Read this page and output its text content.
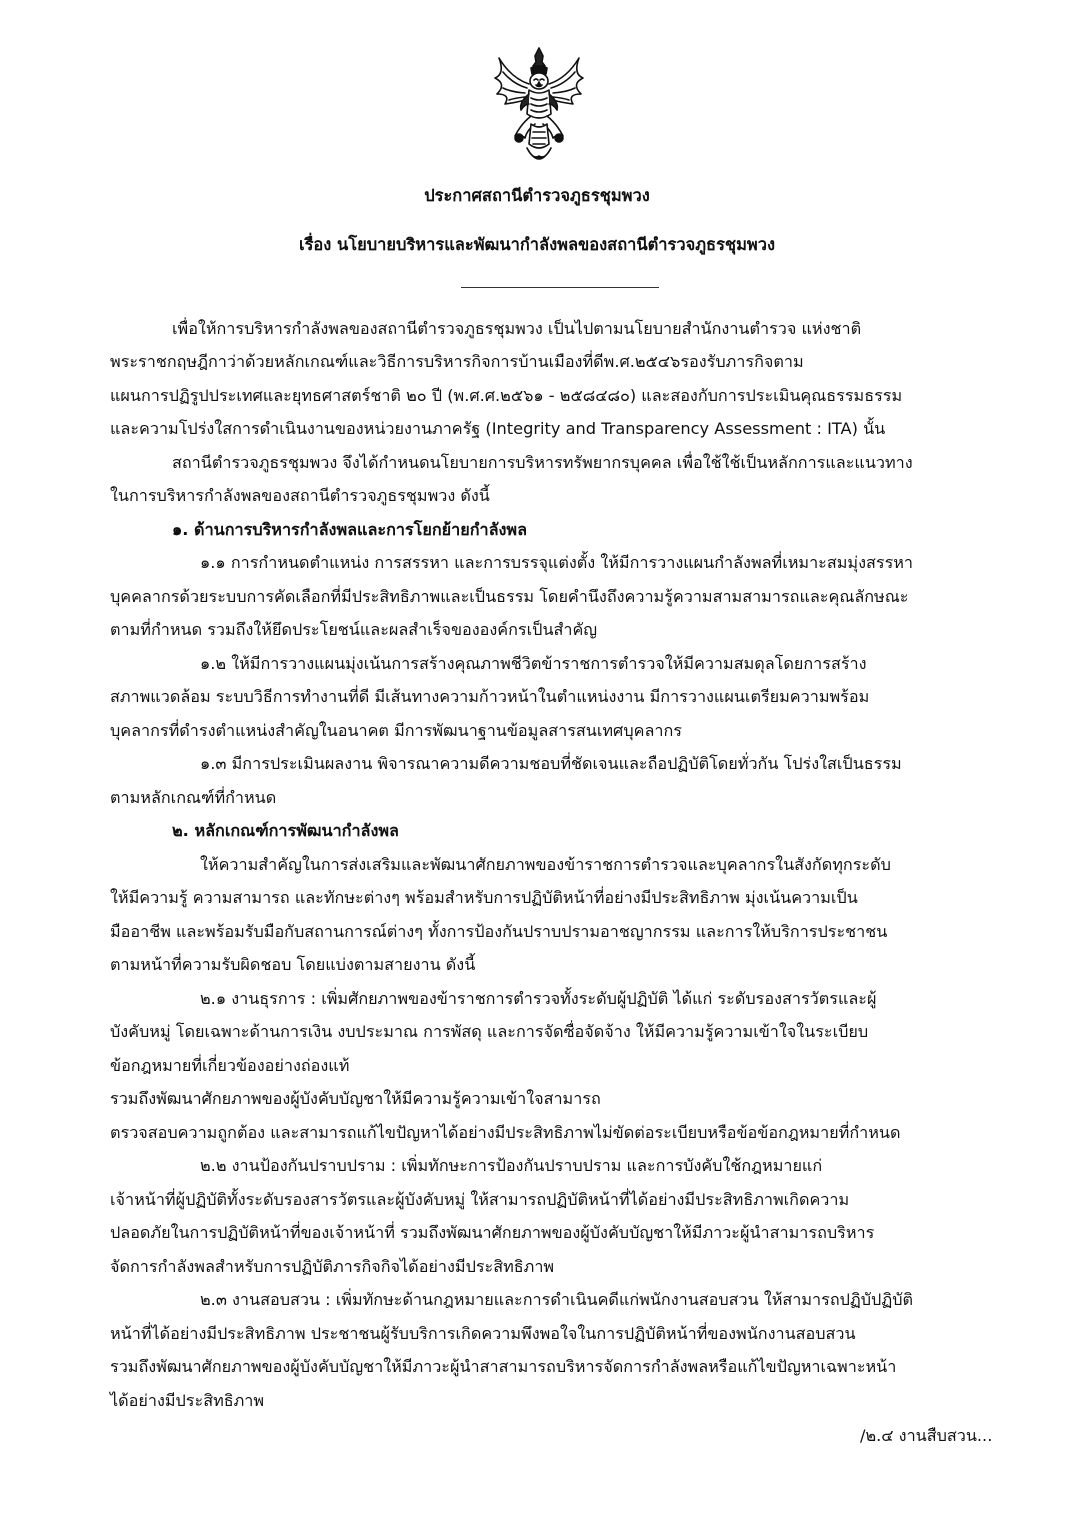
ประกาศสถานีตำรวจภูธรชุมพวง
เรื่อง นโยบายบริหารและพัฒนากำลังพลของสถานีตำรวจภูธรชุมพวง
เพื่อให้การบริหารกำลังพลของสถานีตำรวจภูธรชุมพวง เป็นไปตามนโยบายสำนักงานตำรวจ แห่งชาติ
พระราชกฤษฎีกาว่าด้วยหลักเกณฑ์และวิธีการบริหารกิจการบ้านเมืองที่ดีพ.ศ.๒๕๔๖รองรับภารกิจตาม
แผนการปฏิรูปประเทศและยุทธศาสตร์ชาติ ๒๐ ปี (พ.ศ.ศ.๒๕๖๑ - ๒๕๘๔๘๐) และสองกับการประเมินคุณธรรมธรรม
และความโปร่งใสการดำเนินงานของหน่วยงานภาครัฐ (Integrity and Transparency Assessment : ITA) นั้น
สถานีตำรวจภูธรชุมพวง จึงได้กำหนดนโยบายการบริหารทรัพยากรบุคคล เพื่อใช้ใช้เป็นหลักการและแนวทาง
ในการบริหารกำลังพลของสถานีตำรวจภูธรชุมพวง ดังนี้
๑. ด้านการบริหารกำลังพลและการโยกย้ายกำลังพล
๑.๑ การกำหนดตำแหน่ง การสรรหา และการบรรจุแต่งตั้ง ให้มีการวางแผนกำลังพลที่เหมาะสมมุ่งสรรหา
บุคคลากรด้วยระบบการคัดเลือกที่มีประสิทธิภาพและเป็นธรรม โดยคำนึงถึงความรู้ความสามสามารถและคุณลักษณะ
ตามที่กำหนด รวมถึงให้ยึดประโยชน์และผลสำเร็จขององค์กรเป็นสำคัญ
๑.๒ ให้มีการวางแผนมุ่งเน้นการสร้างคุณภาพชีวิตข้าราชการตำรวจให้มีความสมดุลโดยการสร้าง
สภาพแวดล้อม ระบบวิธีการทำงานที่ดี มีเส้นทางความก้าวหน้าในตำแหน่งงาน มีการวางแผนเตรียมความพร้อม
บุคลากรที่ดำรงตำแหน่งสำคัญในอนาคต มีการพัฒนาฐานข้อมูลสารสนเทศบุคลากร
๑.๓ มีการประเมินผลงาน พิจารณาความดีความชอบที่ชัดเจนและถือปฏิบัติโดยทั่วกัน โปร่งใสเป็นธรรม
ตามหลักเกณฑ์ที่กำหนด
๒. หลักเกณฑ์การพัฒนากำลังพล
ให้ความสำคัญในการส่งเสริมและพัฒนาศักยภาพของข้าราชการตำรวจและบุคลากรในสังกัดทุกระดับ
ให้มีความรู้ ความสามารถ และทักษะต่างๆ พร้อมสำหรับการปฏิบัติหน้าที่อย่างมีประสิทธิภาพ มุ่งเน้นความเป็น
มืออาชีพ และพร้อมรับมือกับสถานการณ์ต่างๆ ทั้งการป้องกันปราบปรามอาชญากรรม และการให้บริการประชาชน
ตามหน้าที่ความรับผิดชอบ โดยแบ่งตามสายงาน ดังนี้
๒.๑ งานธุรการ : เพิ่มศักยภาพของข้าราชการตำรวจทั้งระดับผู้ปฏิบัติ ได้แก่ ระดับรองสารวัตรและผู้
บังคับหมู่ โดยเฉพาะด้านการเงิน งบประมาณ การพัสดุ และการจัดซื่อจัดจ้าง ให้มีความรู้ความเข้าใจในระเบียบ
ข้อกฎหมายที่เกี่ยวข้องอย่างถ่องแท้
รวมถึงพัฒนาศักยภาพของผู้บังคับบัญชาให้มีความรู้ความเข้าใจสามารถ
ตรวจสอบความถูกต้อง และสามารถแก้ไขปัญหาได้อย่างมีประสิทธิภาพไม่ขัดต่อระเบียบหรือข้อข้อกฎหมายที่กำหนด
๒.๒ งานป้องกันปราบปราม : เพิ่มทักษะการป้องกันปราบปราม และการบังคับใช้กฎหมายแก่
เจ้าหน้าที่ผู้ปฏิบัติทั้งระดับรองสารวัตรและผู้บังคับหมู่ ให้สามารถปฏิบัติหน้าที่ได้อย่างมีประสิทธิภาพเกิดความ
ปลอดภัยในการปฏิบัติหน้าที่ของเจ้าหน้าที่ รวมถึงพัฒนาศักยภาพของผู้บังคับบัญชาให้มีภาวะผู้นำสามารถบริหาร
จัดการกำลังพลสำหรับการปฏิบัติภารกิจกิจได้อย่างมีประสิทธิภาพ
๒.๓ งานสอบสวน : เพิ่มทักษะด้านกฎหมายและการดำเนินคดีแก่พนักงานสอบสวน ให้สามารถปฏิบัปฏิบัติ
หน้าที่ได้อย่างมีประสิทธิภาพ ประชาชนผู้รับบริการเกิดความพึงพอใจในการปฏิบัติหน้าที่ของพนักงานสอบสวน
รวมถึงพัฒนาศักยภาพของผู้บังคับบัญชาให้มีภาวะผู้นำสาสามารถบริหารจัดการกำลังพลหรือแก้ไขปัญหาเฉพาะหน้า
ได้อย่างมีประสิทธิภาพ
/๒.๔ งานสืบสวน...
